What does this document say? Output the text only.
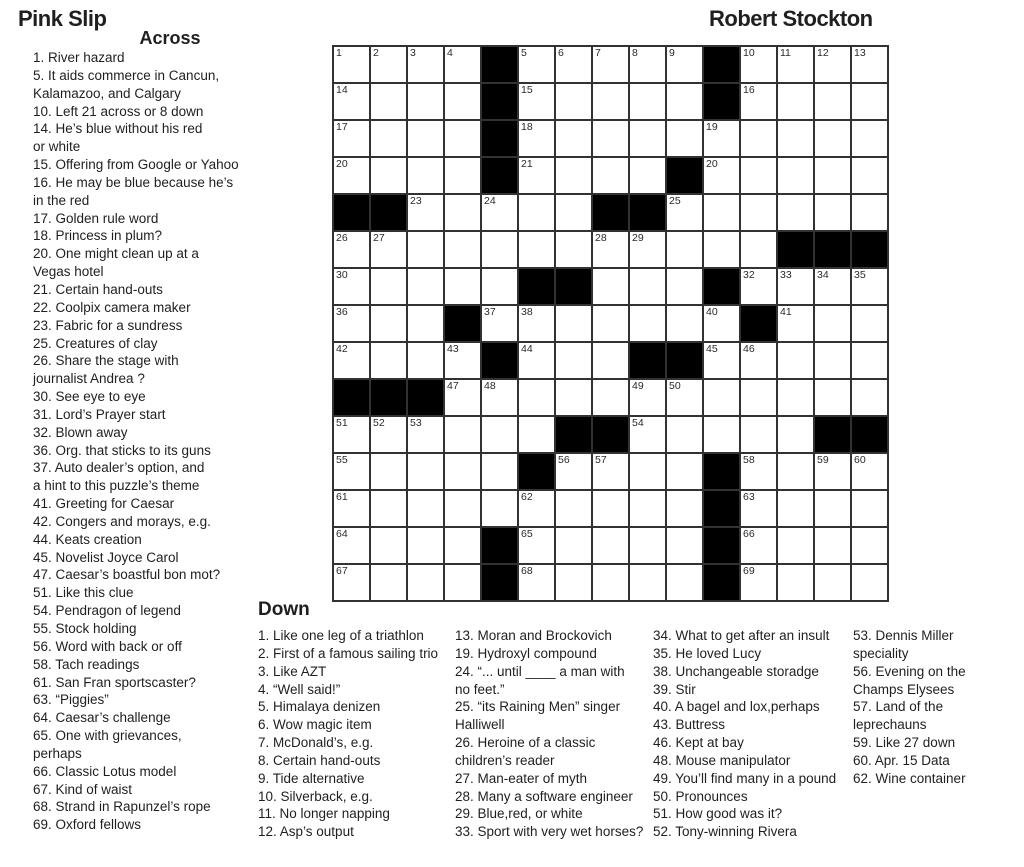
Pink Slip	Robert Stockton
Across
1. River hazard
5. It aids commerce in Cancun,
Kalamazoo, and Calgary
10. Left 21 across or 8 down
14. He’s blue without his red
or white
15. Offering from Google or Yahoo
16. He may be blue because he’s
in the red
17. Golden rule word
18. Princess in plum?
20. One might clean up at a
Vegas hotel
21. Certain hand-outs
22. Coolpix camera maker
23. Fabric for a sundress
25. Creatures of clay
26. Share the stage with
journalist Andrea ?
30. See eye to eye
31. Lord’s Prayer start
32. Blown away
36. Org. that sticks to its guns
37. Auto dealer’s option, and
a hint to this puzzle’s theme
41. Greeting for Caesar
42. Congers and morays, e.g.
44. Keats creation
45. Novelist Joyce Carol
47. Caesar’s boastful bon mot?
51. Like this clue
54. Pendragon of legend
55. Stock holding
56. Word with back or off
58. Tach readings
61. San Fran sportscaster?
63. “Piggies”
64. Caesar’s challenge
65. One with grievances,
perhaps
66. Classic Lotus model
67. Kind of waist
68. Strand in Rapunzel’s rope
69. Oxford fellows
1	2	3	4	5	6	7	8	9	10 11 12 13
14	15	16
17	18	19
20	21	20
23	24	25
26 27	28 29
30	32 33 34 35
36	37 38	40	41
42	43	44	45 46
47 48	49 50
51 52 53	54
55	56 57	58	59 60
61	62	63
64	65	66
67	68	69
Down
1. Like one leg of a triathlon
2. First of a famous sailing trio
3. Like AZT
4. “Well said!”
5. Himalaya denizen
6. Wow magic item
7. McDonald’s, e.g.
8. Certain hand-outs
9. Tide alternative
10. Silverback, e.g.
11. No longer napping
12. Asp’s output
13. Moran and Brockovich
19. Hydroxyl compound
24. “... until ____ a man with
no feet.”
25. “its Raining Men” singer
Halliwell
26. Heroine of a classic
children’s reader
27. Man-eater of myth
28. Many a software engineer
29. Blue,red, or white
33. Sport with very wet horses?
34. What to get after an insult
35. He loved Lucy
38. Unchangeable storadge
39. Stir
40. A bagel and lox,perhaps
43. Buttress
46. Kept at bay
48. Mouse manipulator
49. You’ll find many in a pound
50. Pronounces
51. How good was it?
52. Tony-winning Rivera
53. Dennis Miller
speciality
56. Evening on the
Champs Elysees
57. Land of the
leprechauns
59. Like 27 down
60. Apr. 15 Data
62. Wine container
